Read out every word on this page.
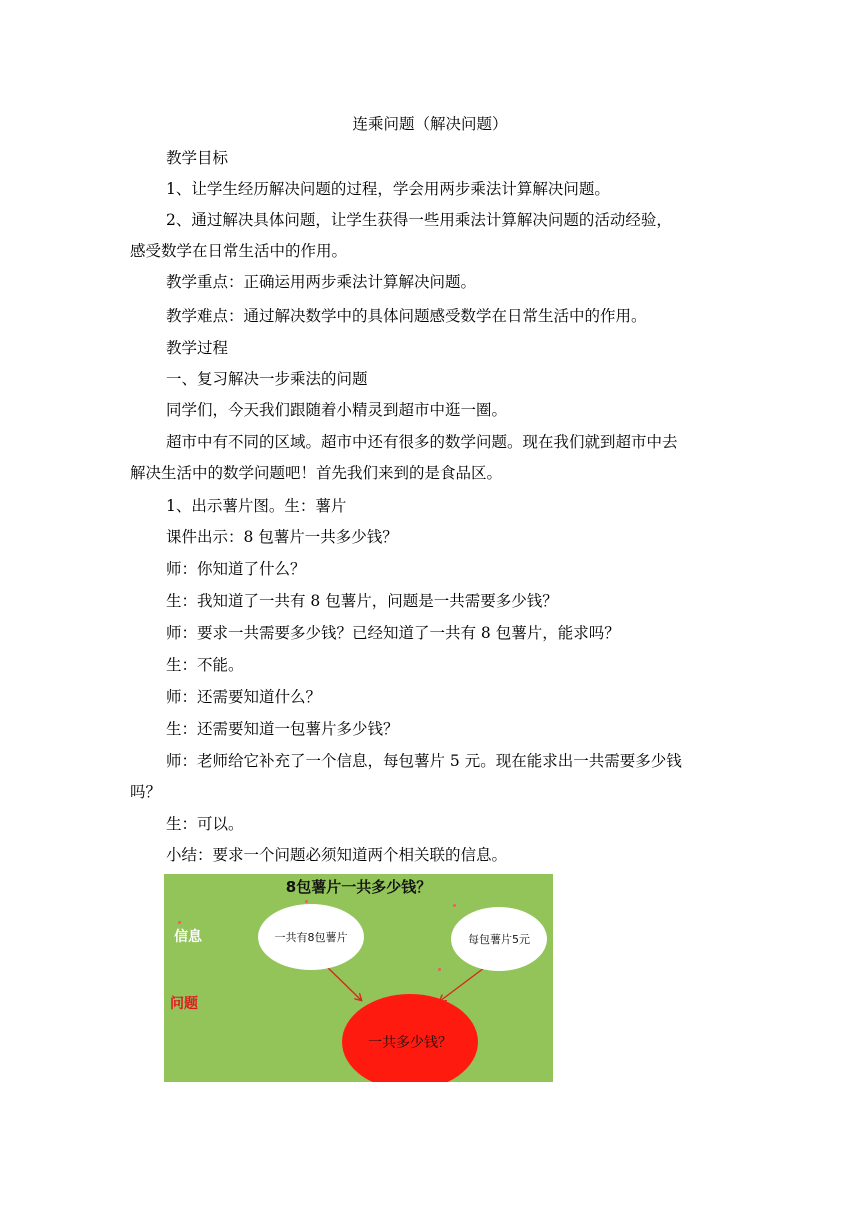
连乘问题（解决问题）
教学目标
1、让学生经历解决问题的过程，学会用两步乘法计算解决问题。
2、通过解决具体问题，让学生获得一些用乘法计算解决问题的活动经验，
感受数学在日常生活中的作用。
教学重点：正确运用两步乘法计算解决问题。
教学难点：通过解决数学中的具体问题感受数学在日常生活中的作用。
教学过程
一、复习解决一步乘法的问题
同学们，今天我们跟随着小精灵到超市中逛一圈。
超市中有不同的区域。超市中还有很多的数学问题。现在我们就到超市中去
解决生活中的数学问题吧！首先我们来到的是食品区。
1、出示薯片图。生：薯片
课件出示：8 包薯片一共多少钱？
师：你知道了什么？
生：我知道了一共有 8 包薯片，问题是一共需要多少钱？
师：要求一共需要多少钱？已经知道了一共有 8 包薯片，能求吗？
生：不能。
师：还需要知道什么？
生：还需要知道一包薯片多少钱？
师：老师给它补充了一个信息，每包薯片 5 元。现在能求出一共需要多少钱
吗？
生：可以。
小结：要求一个问题必须知道两个相关联的信息。
8包薯片一共多少钱？
信息
问题
一共有8包薯片	每包薯片5元
一共多少钱？
